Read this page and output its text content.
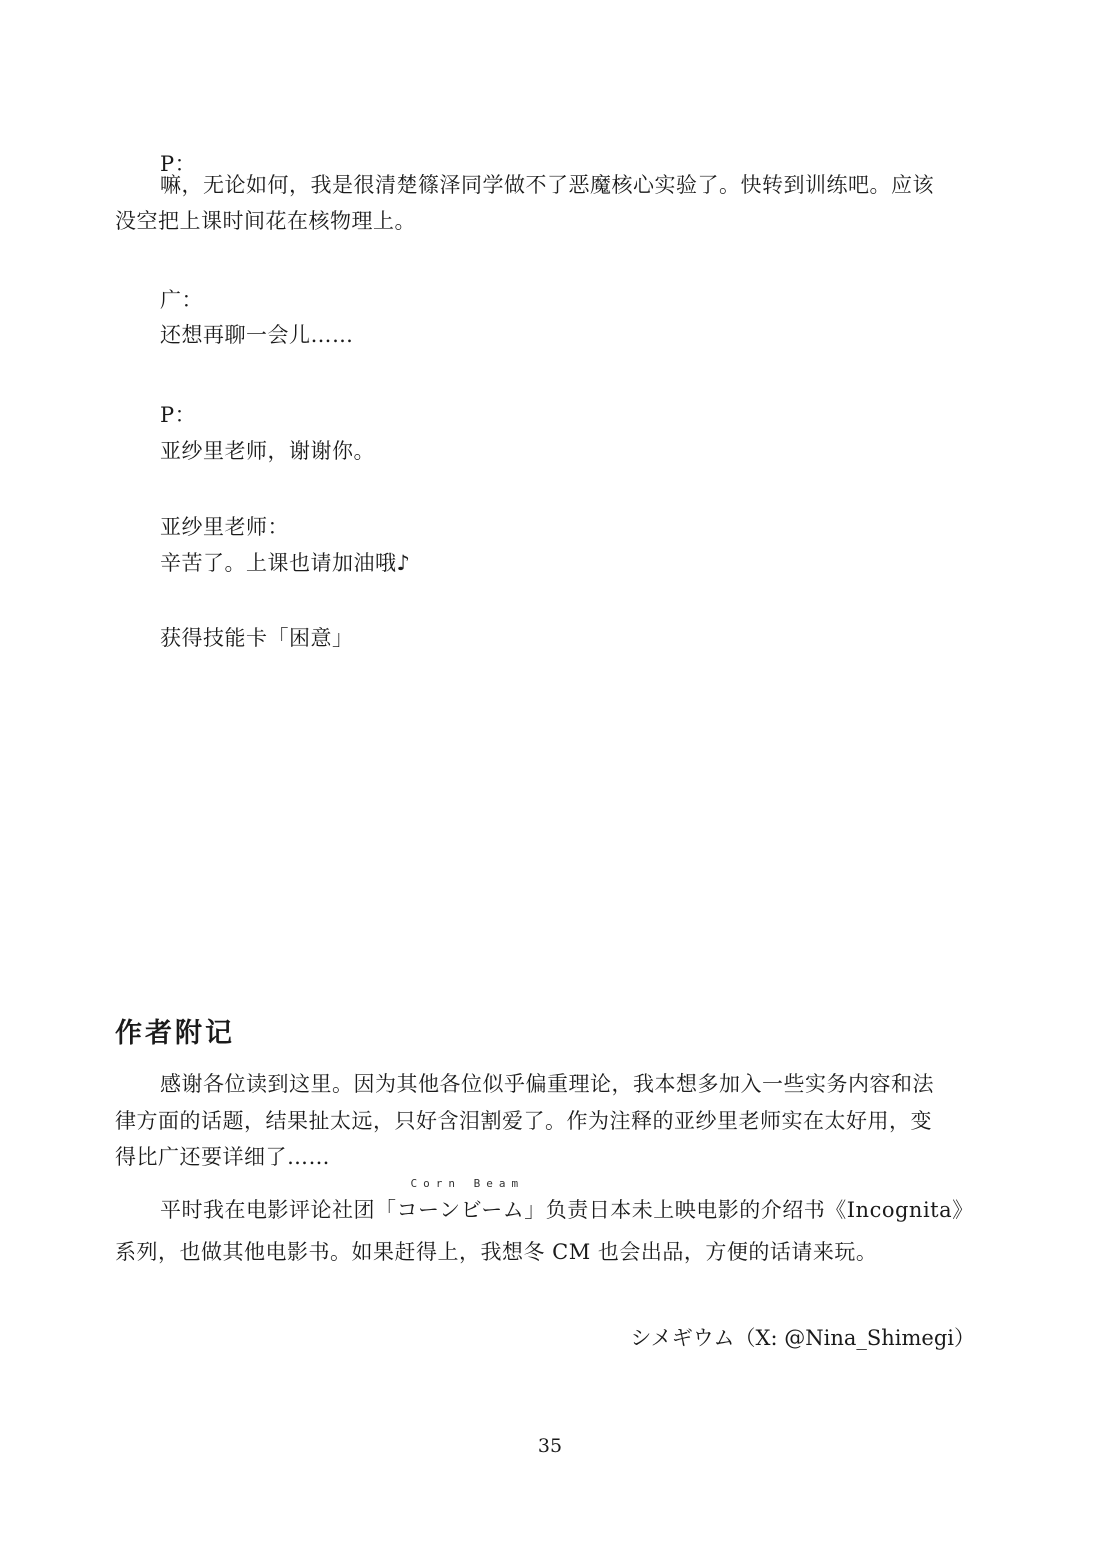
P：
嘛，无论如何，我是很清楚篠泽同学做不了恶魔核心实验了。快转到训练吧。应该
没空把上课时间花在核物理上。
广：
还想再聊一会儿……
P：
亚纱里老师，谢谢你。
亚纱里老师：
辛苦了。上课也请加油哦♪
获得技能卡「困意」
作者附记
感谢各位读到这里。因为其他各位似乎偏重理论，我本想多加入一些实务内容和法
律方面的话题，结果扯太远，只好含泪割爱了。作为注释的亚纱里老师实在太好用，变
得比广还要详细了……
平时我在电影评论社团「
Corn Beam
コーンビーム」负责日本未上映电影的介绍书《Incognita》
系列，也做其他电影书。如果赶得上，我想冬 CM 也会出品，方便的话请来玩。
シメギウム（X: @Nina_Shimegi）
35
